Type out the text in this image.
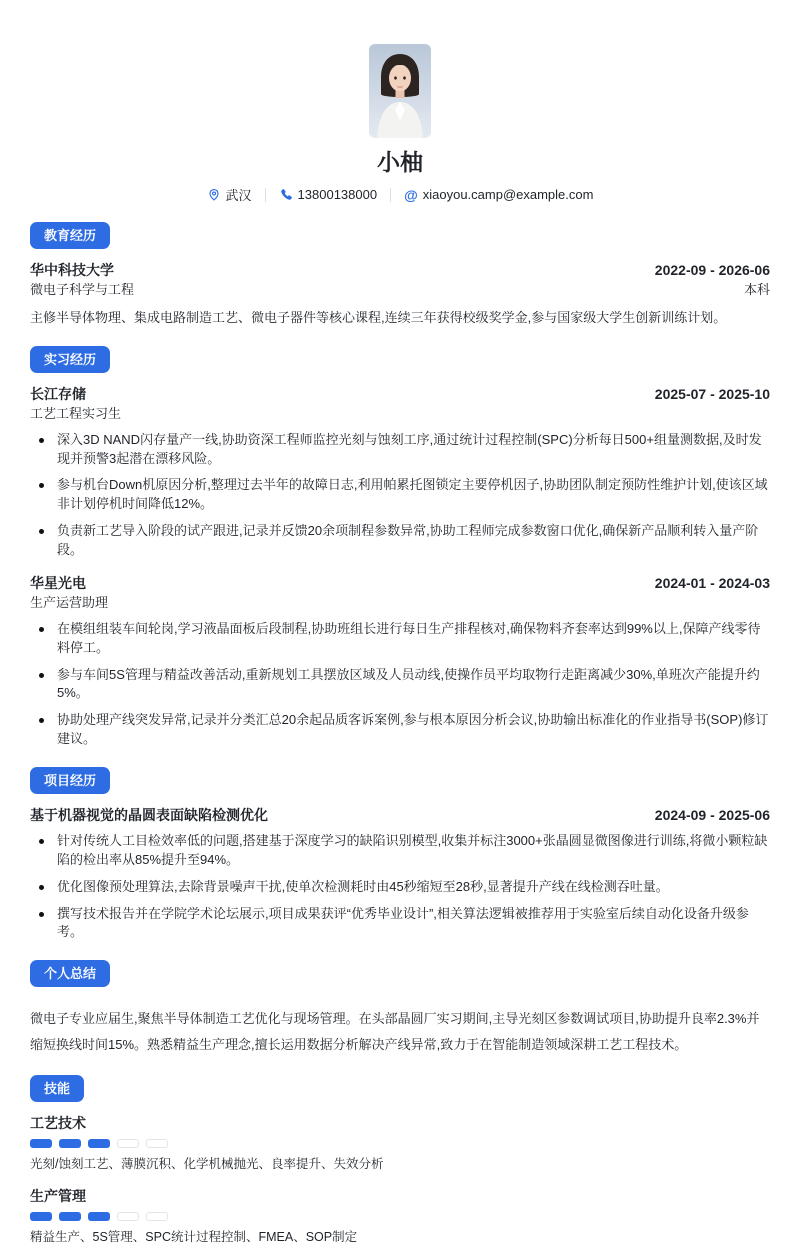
小柚
武汉	13800138000 @ xiaoyou.camp@example.com
教育经历
华中科技大学	2022-09 - 2026-06
微电子科学与工程	本科

主修半导体物理、集成电路制造工艺、微电子器件等核心课程,连续三年获得校级奖学金,参与国家级大学生创新训练计划。

实习经历
长江存储	2025-07 - 2025-10
工艺工程实习生
深入3D NAND闪存量产一线,协助资深工程师监控光刻与蚀刻工序,通过统计过程控制(SPC)分析每日500+组量测数据,及时发现并预警3起潜在漂移风险。
参与机台Down机原因分析,整理过去半年的故障日志,利用帕累托图锁定主要停机因子,协助团队制定预防性维护计划,使该区域非计划停机时间降低12%。
负责新工艺导入阶段的试产跟进,记录并反馈20余项制程参数异常,协助工程师完成参数窗口优化,确保新产品顺利转入量产阶段。
华星光电	2024-01 - 2024-03
生产运营助理
在模组组装车间轮岗,学习液晶面板后段制程,协助班组长进行每日生产排程核对,确保物料齐套率达到99%以上,保障产线零待料停工。
参与车间5S管理与精益改善活动,重新规划工具摆放区域及人员动线,使操作员平均取物行走距离减少30%,单班次产能提升约5%。
协助处理产线突发异常,记录并分类汇总20余起品质客诉案例,参与根本原因分析会议,协助输出标准化的作业指导书(SOP)修订建议。
项目经历
基于机器视觉的晶圆表面缺陷检测优化	2024-09 - 2025-06
针对传统人工目检效率低的问题,搭建基于深度学习的缺陷识别模型,收集并标注3000+张晶圆显微图像进行训练,将微小颗粒缺陷的检出率从85%提升至94%。
优化图像预处理算法,去除背景噪声干扰,使单次检测耗时由45秒缩短至28秒,显著提升产线在线检测吞吐量。
撰写技术报告并在学院学术论坛展示,项目成果获评“优秀毕业设计”,相关算法逻辑被推荐用于实验室后续自动化设备升级参考。
个人总结

微电子专业应届生,聚焦半导体制造工艺优化与现场管理。在头部晶圆厂实习期间,主导光刻区参数调试项目,协助提升良率2.3%并缩短换线时间15%。熟悉精益生产理念,擅长运用数据分析解决产线异常,致力于在智能制造领域深耕工艺工程技术。

技能
工艺技术

光刻/蚀刻工艺、薄膜沉积、化学机械抛光、良率提升、失效分析

生产管理

精益生产、5S管理、SPC统计过程控制、FMEA、SOP制定
